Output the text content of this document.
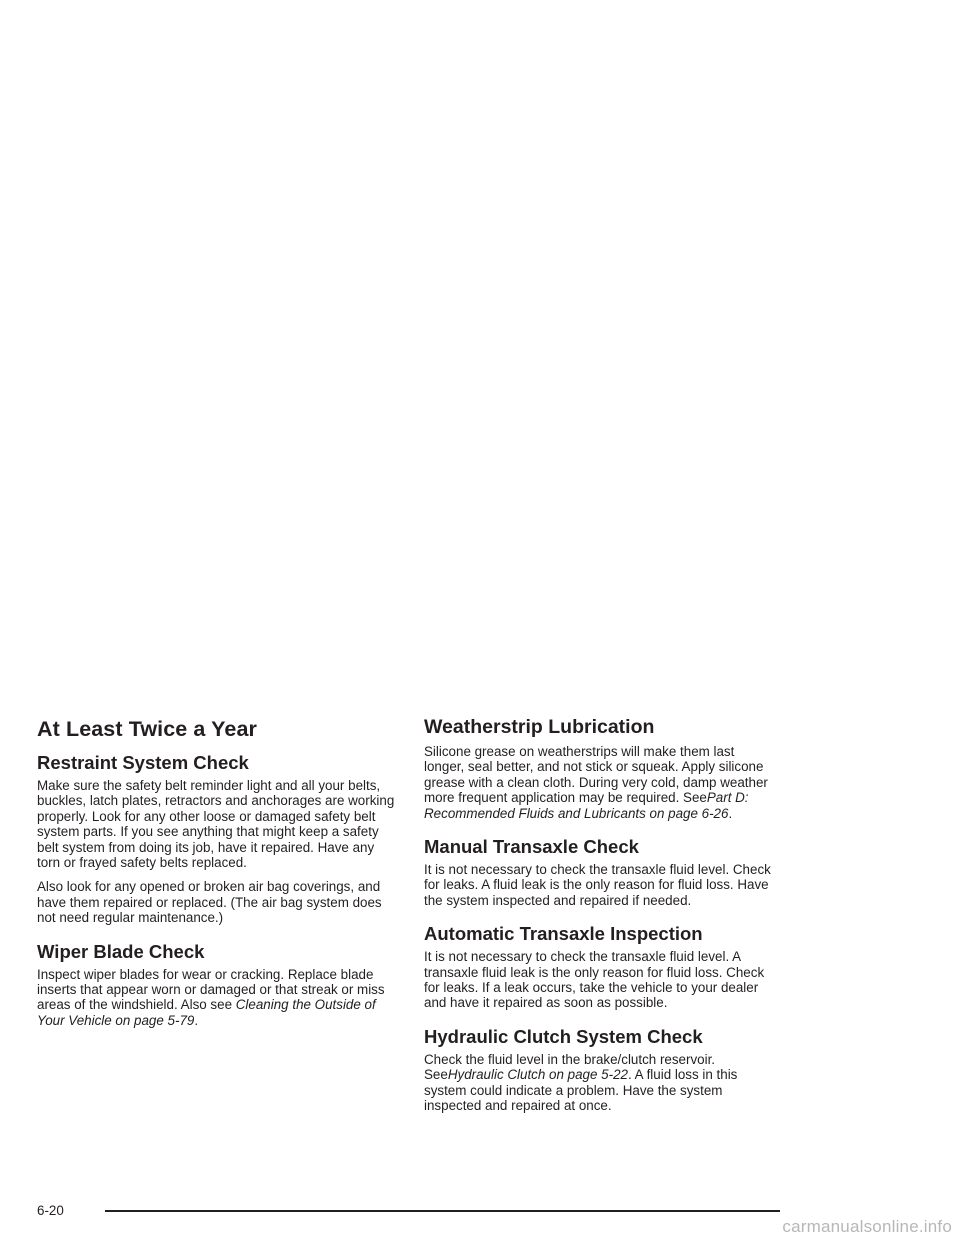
At Least Twice a Year
Restraint System Check

Make sure the safety belt reminder light and all your belts, buckles, latch plates, retractors and anchorages are working properly. Look for any other loose or damaged safety belt system parts. If you see anything that might keep a safety belt system from doing its job, have it repaired. Have any torn or frayed safety belts replaced.

Also look for any opened or broken air bag coverings, and have them repaired or replaced. (The air bag system does not need regular maintenance.)

Wiper Blade Check

Inspect wiper blades for wear or cracking. Replace blade inserts that appear worn or damaged or that streak or miss areas of the windshield. Also see Cleaning the Outside of Your Vehicle on page 5-79.

Weatherstrip Lubrication

Silicone grease on weatherstrips will make them last longer, seal better, and not stick or squeak. Apply silicone grease with a clean cloth. During very cold, damp weather more frequent application may be required. SeePart D: Recommended Fluids and Lubricants on page 6-26.

Manual Transaxle Check

It is not necessary to check the transaxle fluid level. Check for leaks. A fluid leak is the only reason for fluid loss. Have the system inspected and repaired if needed.

Automatic Transaxle Inspection

It is not necessary to check the transaxle fluid level. A transaxle fluid leak is the only reason for fluid loss. Check for leaks. If a leak occurs, take the vehicle to your dealer and have it repaired as soon as possible.

Hydraulic Clutch System Check

Check the fluid level in the brake/clutch reservoir. SeeHydraulic Clutch on page 5-22. A fluid loss in this system could indicate a problem. Have the system inspected and repaired at once.

6-20
carmanualsonline.info
